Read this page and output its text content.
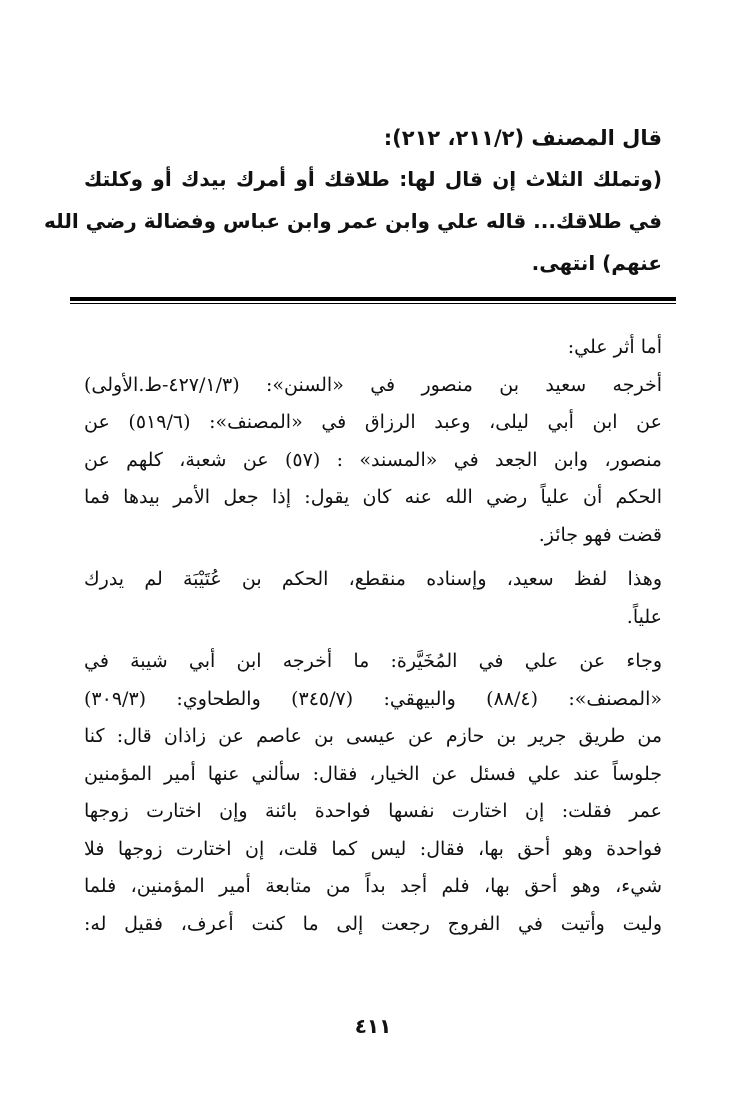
قال المصنف (٢١١/٢، ٢١٢):
(وتملك الثلاث إن قال لها: طلاقك أو أمرك بيدك أو وكلتك
في طلاقك... قاله علي وابن عمر وابن عباس وفضالة رضي الله
عنهم) انتهى.
أما أثر علي:
أخرجه سعيد بن منصور في «السنن»: (٤٢٧/١/٣-ط.الأولى)
عن ابن أبي ليلى، وعبد الرزاق في «المصنف»: (٥١٩/٦) عن
منصور، وابن الجعد في «المسند» : (٥٧) عن شعبة، كلهم عن
الحكم أن علياً رضي الله عنه كان يقول: إذا جعل الأمر بيدها فما
قضت فهو جائز.
وهذا لفظ سعيد، وإسناده منقطع، الحكم بن عُتَيْبَة لم يدرك
علياً.
وجاء عن علي في المُخَيَّرة: ما أخرجه ابن أبي شيبة في
«المصنف»: (٨٨/٤) والبيهقي: (٣٤٥/٧) والطحاوي: (٣٠٩/٣)
من طريق جرير بن حازم عن عيسى بن عاصم عن زاذان قال: كنا
جلوساً عند علي فسئل عن الخيار، فقال: سألني عنها أمير المؤمنين
عمر فقلت: إن اختارت نفسها فواحدة بائنة وإن اختارت زوجها
فواحدة وهو أحق بها، فقال: ليس كما قلت، إن اختارت زوجها فلا
شيء، وهو أحق بها، فلم أجد بداً من متابعة أمير المؤمنين، فلما
وليت وأتيت في الفروج رجعت إلى ما كنت أعرف، فقيل له:
٤١١
